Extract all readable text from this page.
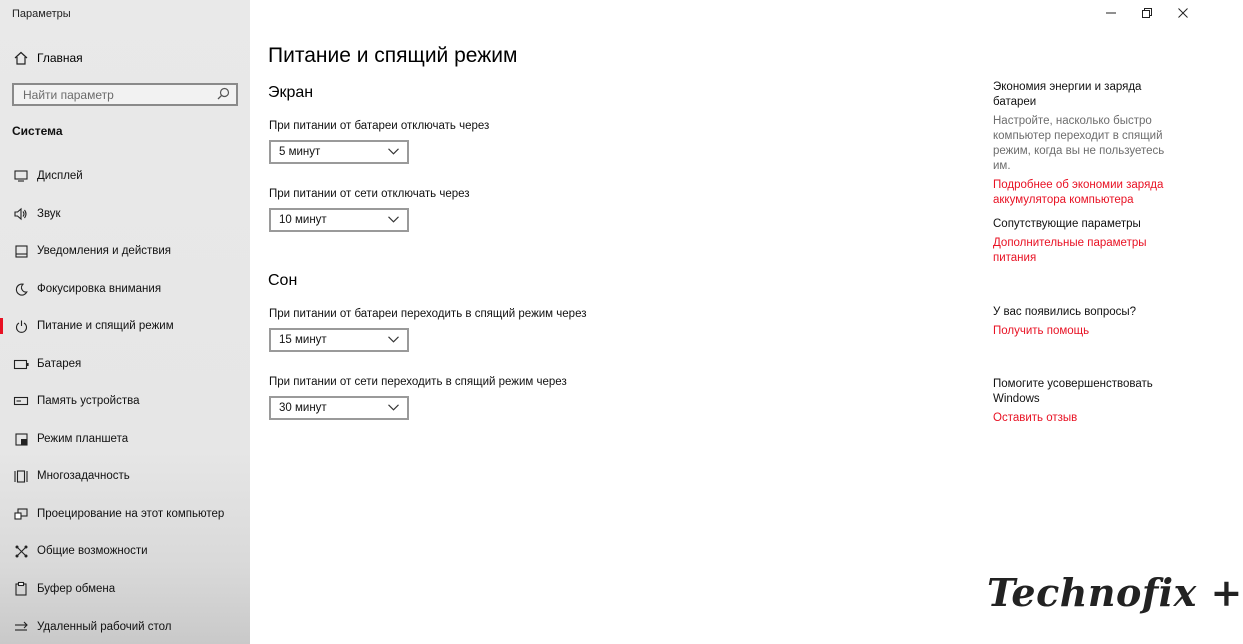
Параметры
Главная
Найти параметр
Система
Дисплей
Звук
Уведомления и действия
Фокусировка внимания
Питание и спящий режим
Батарея
Память устройства
Режим планшета
Многозадачность
Проецирование на этот компьютер
Общие возможности
Буфер обмена
Удаленный рабочий стол
Питание и спящий режим
Экран
При питании от батареи отключать через
5 минут
При питании от сети отключать через
10 минут
Сон
При питании от батареи переходить в спящий режим через
15 минут
При питании от сети переходить в спящий режим через
30 минут
Экономия энергии и заряда батареи
Настройте, насколько быстро компьютер переходит в спящий режим, когда вы не пользуетесь им.
Подробнее об экономии заряда аккумулятора компьютера
Сопутствующие параметры
Дополнительные параметры питания
У вас появились вопросы?
Получить помощь
Помогите усовершенствовать Windows
Оставить отзыв
Technofix +
